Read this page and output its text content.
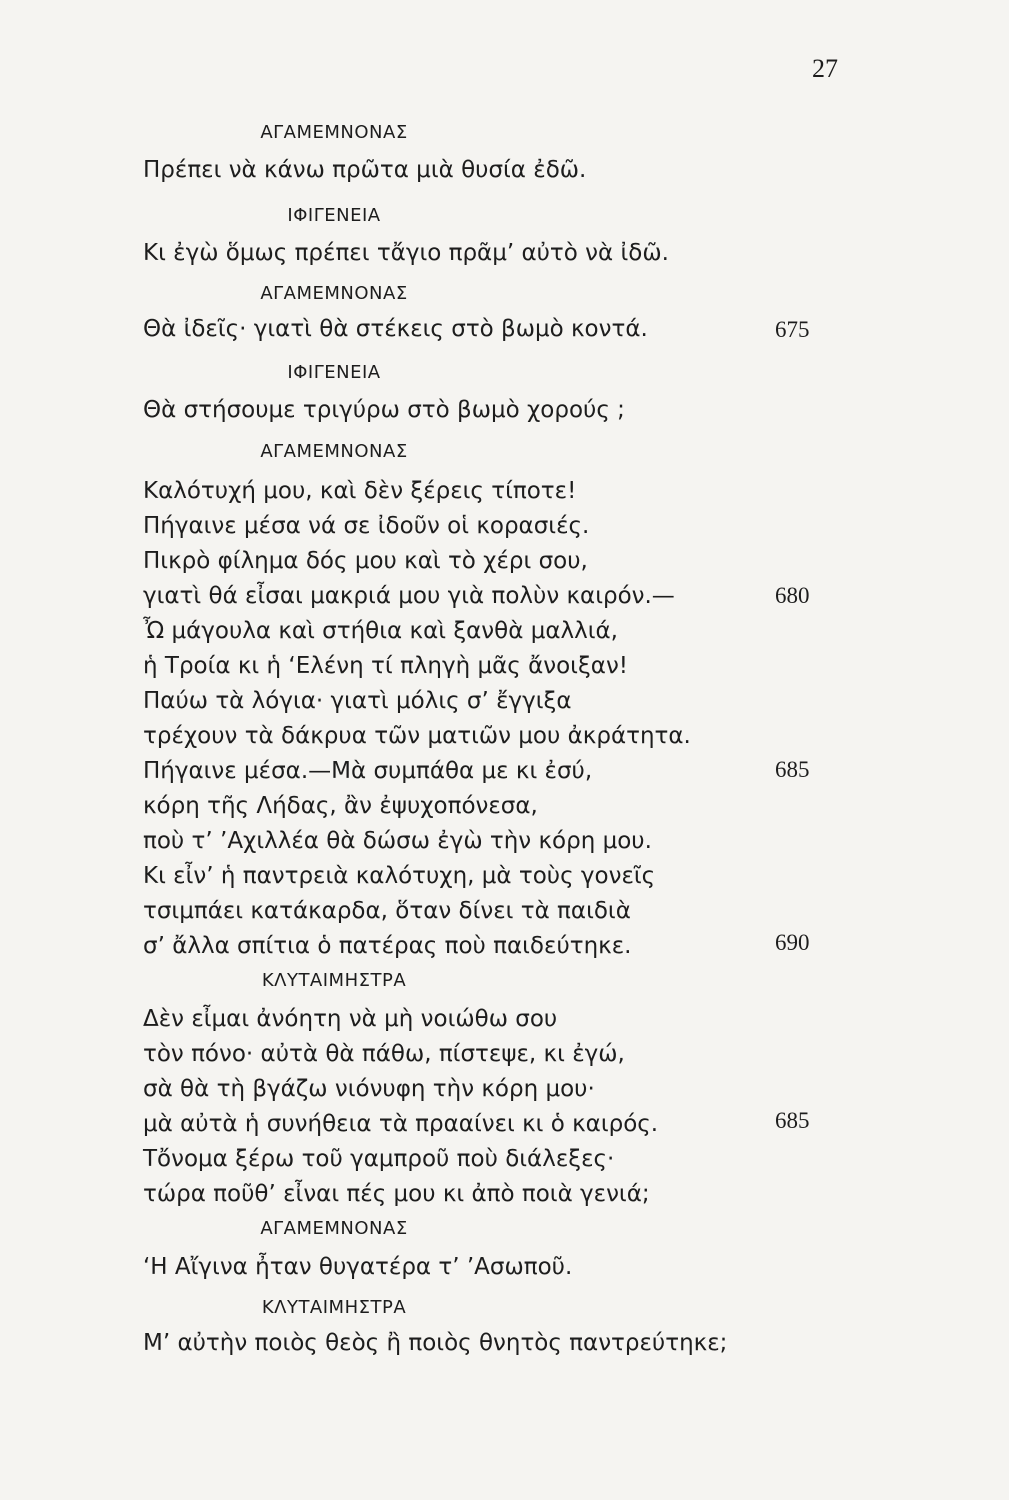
27
ΑΓΑΜΕΜΝΟΝΑΣ
Πρέπει νὰ κάνω πρῶτα μιὰ θυσία ἐδῶ.
ΙΦΙΓΕΝΕΙΑ
Κι ἐγὼ ὅμως πρέπει τἄγιο πρᾶμ’ αὐτὸ νὰ ἰδῶ.
ΑΓΑΜΕΜΝΟΝΑΣ
Θὰ ἰδεῖς· γιατὶ θὰ στέκεις στὸ βωμὸ κοντά.	675
ΙΦΙΓΕΝΕΙΑ
Θὰ στήσουμε τριγύρω στὸ βωμὸ χορούς ;
ΑΓΑΜΕΜΝΟΝΑΣ
Καλότυχή μου, καὶ δὲν ξέρεις τίποτε!
Πήγαινε μέσα νά σε ἰδοῦν οἱ κορασιές.
Πικρὸ φίλημα δός μου καὶ τὸ χέρι σου,
γιατὶ θά εἶσαι μακριά μου γιὰ πολὺν καιρόν.—	680
Ὦ μάγουλα καὶ στήθια καὶ ξανθὰ μαλλιά,
ἡ Τροία κι ἡ ‘Ελένη τί πληγὴ μᾶς ἄνοιξαν!
Παύω τὰ λόγια· γιατὶ μόλις σ’ ἔγγιξα
τρέχουν τὰ δάκρυα τῶν ματιῶν μου ἀκράτητα.
Πήγαινε μέσα.—Μὰ συμπάθα με κι ἐσύ,	685
κόρη τῆς Λήδας, ἂν ἐψυχοπόνεσα,
ποὺ τ’ ’Αχιλλέα θὰ δώσω ἐγὼ τὴν κόρη μου.
Κι εἶν’ ἡ παντρειὰ καλότυχη, μὰ τοὺς γονεῖς
τσιμπάει κατάκαρδα, ὅταν δίνει τὰ παιδιὰ
σ’ ἄλλα σπίτια ὁ πατέρας ποὺ παιδεύτηκε.	690
ΚΛΥΤΑΙΜΗΣΤΡΑ
Δὲν εἶμαι ἀνόητη νὰ μὴ νοιώθω σου
τὸν πόνο· αὐτὰ θὰ πάθω, πίστεψε, κι ἐγώ,
σὰ θὰ τὴ βγάζω νιόνυφη τὴν κόρη μου·
μὰ αὐτὰ ἡ συνήθεια τὰ πρααίνει κι ὁ καιρός.	685
Τὄνομα ξέρω τοῦ γαμπροῦ ποὺ διάλεξες·
τώρα ποῦθ’ εἶναι πές μου κι ἀπὸ ποιὰ γενιά;
ΑΓΑΜΕΜΝΟΝΑΣ
‘Η Αἴγινα ἦταν θυγατέρα τ’ ’Ασωποῦ.
ΚΛΥΤΑΙΜΗΣΤΡΑ
Μ’ αὐτὴν ποιὸς θεὸς ἢ ποιὸς θνητὸς παντρεύτηκε;
